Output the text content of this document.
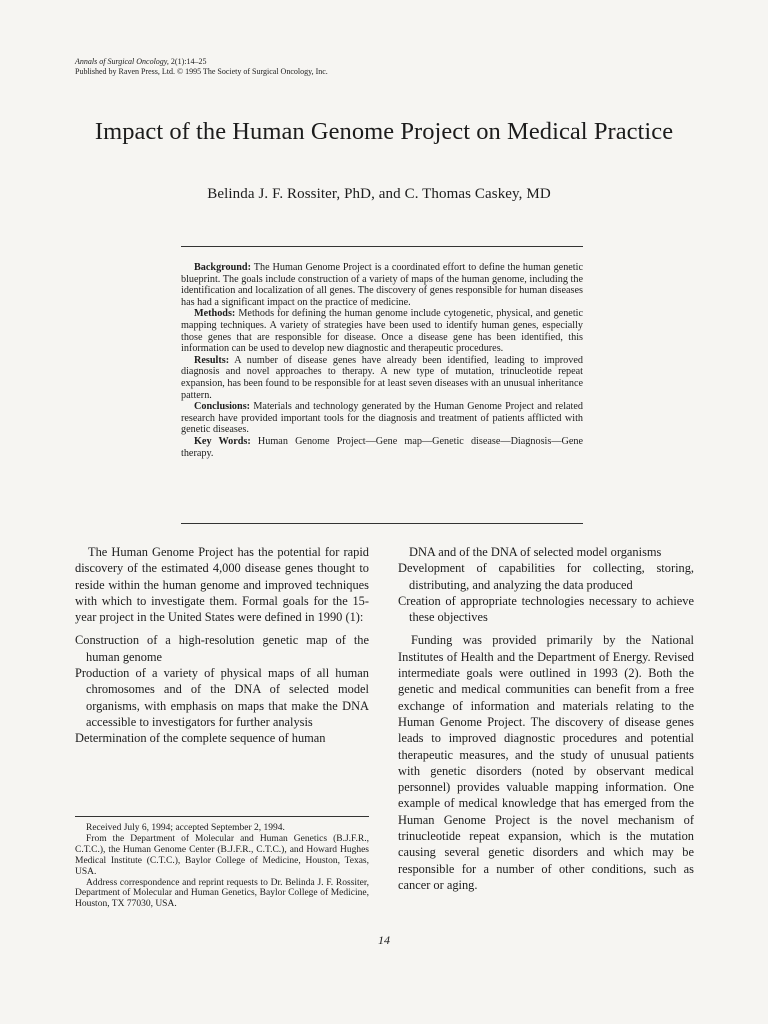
Annals of Surgical Oncology, 2(1):14–25
Published by Raven Press, Ltd. © 1995 The Society of Surgical Oncology, Inc.
Impact of the Human Genome Project on Medical Practice

Belinda J. F. Rossiter, PhD, and C. Thomas Caskey, MD

Background: The Human Genome Project is a coordinated effort to define the human genetic blueprint. The goals include construction of a variety of maps of the human genome, including the identification and localization of all genes. The discovery of genes responsible for human diseases has had a significant impact on the practice of medicine.

Methods: Methods for defining the human genome include cytogenetic, physical, and genetic mapping techniques. A variety of strategies have been used to identify human genes, especially those genes that are responsible for disease. Once a disease gene has been identified, this information can be used to develop new diagnostic and therapeutic procedures.

Results: A number of disease genes have already been identified, leading to improved diagnosis and novel approaches to therapy. A new type of mutation, trinucleotide repeat expansion, has been found to be responsible for at least seven diseases with an unusual inheritance pattern.

Conclusions: Materials and technology generated by the Human Genome Project and related research have provided important tools for the diagnosis and treatment of patients afflicted with genetic diseases.

Key Words: Human Genome Project—Gene map—Genetic disease—Diagnosis—Gene therapy.

The Human Genome Project has the potential for rapid discovery of the estimated 4,000 disease genes thought to reside within the human genome and improved techniques with which to investigate them. Formal goals for the 15-year project in the United States were defined in 1990 (1):

Construction of a high-resolution genetic map of the human genome
Production of a variety of physical maps of all human chromosomes and of the DNA of selected model organisms, with emphasis on maps that make the DNA accessible to investigators for further analysis
Determination of the complete sequence of human

Received July 6, 1994; accepted September 2, 1994.

From the Department of Molecular and Human Genetics (B.J.F.R., C.T.C.), the Human Genome Center (B.J.F.R., C.T.C.), and Howard Hughes Medical Institute (C.T.C.), Baylor College of Medicine, Houston, Texas, USA.

Address correspondence and reprint requests to Dr. Belinda J. F. Rossiter, Department of Molecular and Human Genetics, Baylor College of Medicine, Houston, TX 77030, USA.

DNA and of the DNA of selected model organisms
Development of capabilities for collecting, storing, distributing, and analyzing the data produced
Creation of appropriate technologies necessary to achieve these objectives

Funding was provided primarily by the National Institutes of Health and the Department of Energy. Revised intermediate goals were outlined in 1993 (2). Both the genetic and medical communities can benefit from a free exchange of information and materials relating to the Human Genome Project. The discovery of disease genes leads to improved diagnostic procedures and potential therapeutic measures, and the study of unusual patients with genetic disorders (noted by observant medical personnel) provides valuable mapping information. One example of medical knowledge that has emerged from the Human Genome Project is the novel mechanism of trinucleotide repeat expansion, which is the mutation causing several genetic disorders and which may be responsible for a number of other conditions, such as cancer or aging.

14
